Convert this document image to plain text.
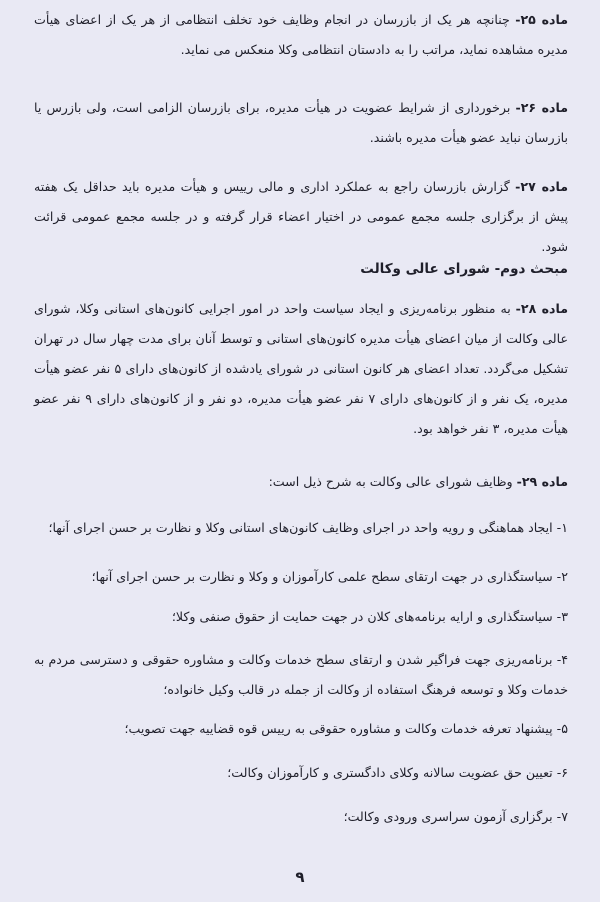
ماده ۲۵- چنانچه هر یک از بازرسان در انجام وظایف خود تخلف انتظامی از هر یک از اعضای هیأت مدیره مشاهده نماید، مراتب را به دادستان انتظامی وکلا منعکس می نماید.

ماده ۲۶- برخورداری از شرایط عضویت در هیأت مدیره، برای بازرسان الزامی است، ولی بازرس یا بازرسان نباید عضو هیأت مدیره باشند.

ماده ۲۷- گزارش بازرسان راجع به عملکرد اداری و مالی رییس و هیأت مدیره باید حداقل یک هفته پیش از برگزاری جلسه مجمع عمومی در اختیار اعضاء قرار گرفته و در جلسه مجمع عمومی قرائت شود.

مبحث دوم- شورای عالی وکالت

ماده ۲۸- به منظور برنامه‌ریزی و ایجاد سیاست واحد در امور اجرایی کانون‌های استانی وکلا، شورای عالی وکالت از میان اعضای هیأت مدیره کانون‌های استانی و توسط آنان برای مدت چهار سال در تهران تشکیل می‌گردد. تعداد اعضای هر کانون استانی در شورای یادشده از کانون‌های دارای ۵ نفر عضو هیأت مدیره، یک نفر و از کانون‌های دارای ۷ نفر عضو هیأت مدیره، دو نفر و از کانون‌های دارای ۹ نفر عضو هیأت مدیره، ۳ نفر خواهد بود.

ماده ۲۹- وظایف شورای عالی وکالت به شرح ذیل است:

۱- ایجاد هماهنگی و رویه واحد در اجرای وظایف کانون‌های استانی وکلا و نظارت بر حسن اجرای آنها؛
۲- سیاستگذاری در جهت ارتقای سطح علمی کارآموزان و وکلا و نظارت بر حسن اجرای آنها؛
۳- سیاستگذاری و ارایه برنامه‌های کلان در جهت حمایت از حقوق صنفی وکلا؛
۴- برنامه‌ریزی جهت فراگیر شدن و ارتقای سطح خدمات وکالت و مشاوره حقوقی و دسترسی مردم به خدمات وکلا و توسعه فرهنگ استفاده از وکالت از جمله در قالب وکیل خانواده؛
۵- پیشنهاد تعرفه خدمات وکالت و مشاوره حقوقی به رییس قوه قضاییه جهت تصویب؛
۶- تعیین حق عضویت سالانه وکلای دادگستری و کارآموزان وکالت؛
۷- برگزاری آزمون سراسری ورودی وکالت؛
۹
